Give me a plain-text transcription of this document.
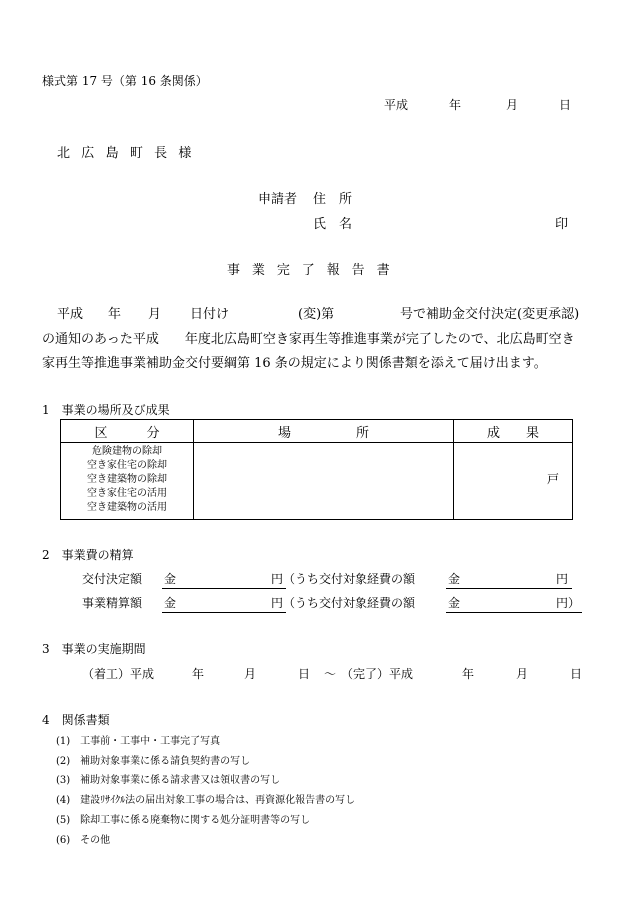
様式第 17 号（第 16 条関係）
平成	年	月	日
北 広 島 町 長 様
申請者 住　所
氏　名	印
事 業 完 了 報 告 書
平成 年 月 日付け	(変)第	号で補助金交付決定(変更承認)
の通知のあった平成　　年度北広島町空き家再生等推進事業が完了したので、北広島町空き
家再生等推進事業補助金交付要綱第 16 条の規定により関係書類を添えて届け出ます。
1　事業の場所及び成果
区　　　分	場　　　　　所	成　　果

危険建物の除却
空き家住宅の除却
空き建築物の除却
空き家住宅の活用
空き建築物の活用		戸
2　事業費の精算
交付決定額 金	円 （うち交付対象経費の額	金	円
事業精算額 金	円 （うち交付対象経費の額	金	円）
3　事業の実施期間
（着工）平成	年	月	日 ～ （完了）平成	年	月	日
4　関係書類
(1)　工事前・工事中・工事完了写真
(2)　補助対象事業に係る請負契約書の写し
(3)　補助対象事業に係る請求書又は領収書の写し
(4)　建設ﾘｻｲｸﾙ法の届出対象工事の場合は、再資源化報告書の写し
(5)　除却工事に係る廃棄物に関する処分証明書等の写し
(6)　その他
